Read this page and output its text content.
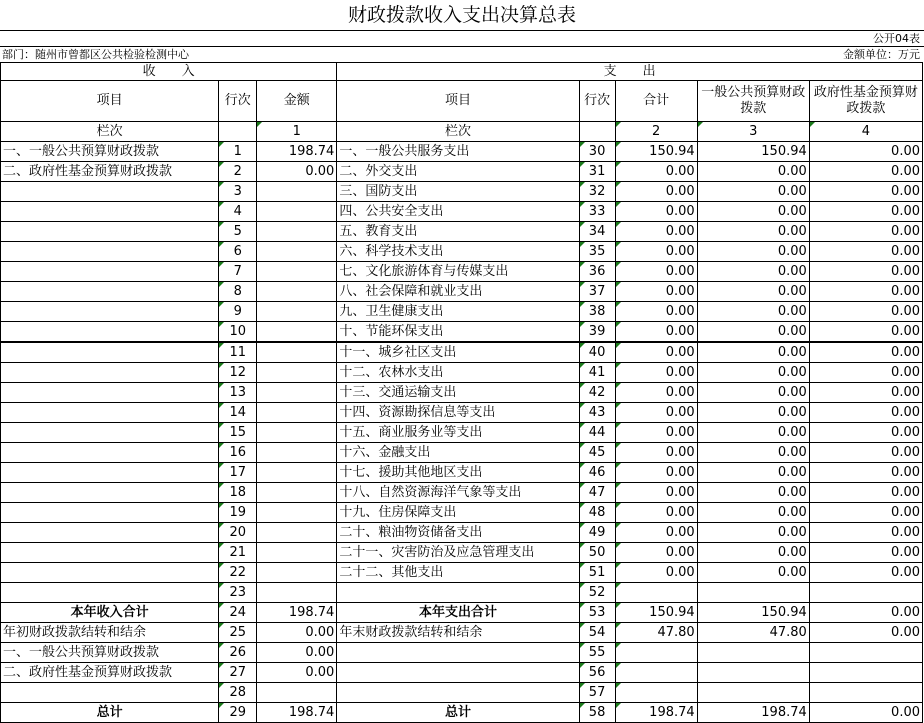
财政拨款收入支出决算总表
公开04表
部门：随州市曾都区公共检验检测中心	金额单位：万元
收　　入			支　　出				
项目	行次	金额	项目	行次	合计	一般公共预算财政拨款	政府性基金预算财政拨款
栏次		1	栏次		2	3	4
一、一般公共预算财政拨款	1	198.74	一、一般公共服务支出	30	150.94	150.94	0.00
二、政府性基金预算财政拨款	2	0.00	二、外交支出	31	0.00	0.00	0.00
	3		三、国防支出	32	0.00	0.00	0.00
	4		四、公共安全支出	33	0.00	0.00	0.00
	5		五、教育支出	34	0.00	0.00	0.00
	6		六、科学技术支出	35	0.00	0.00	0.00
	7		七、文化旅游体育与传媒支出	36	0.00	0.00	0.00
	8		八、社会保障和就业支出	37	0.00	0.00	0.00
	9		九、卫生健康支出	38	0.00	0.00	0.00
	10		十、节能环保支出	39	0.00	0.00	0.00
	11		十一、城乡社区支出	40	0.00	0.00	0.00
	12		十二、农林水支出	41	0.00	0.00	0.00
	13		十三、交通运输支出	42	0.00	0.00	0.00
	14		十四、资源勘探信息等支出	43	0.00	0.00	0.00
	15		十五、商业服务业等支出	44	0.00	0.00	0.00
	16		十六、金融支出	45	0.00	0.00	0.00
	17		十七、援助其他地区支出	46	0.00	0.00	0.00
	18		十八、自然资源海洋气象等支出	47	0.00	0.00	0.00
	19		十九、住房保障支出	48	0.00	0.00	0.00
	20		二十、粮油物资储备支出	49	0.00	0.00	0.00
	21		二十一、灾害防治及应急管理支出	50	0.00	0.00	0.00
	22		二十二、其他支出	51	0.00	0.00	0.00
	23			52			
本年收入合计	24	198.74	本年支出合计	53	150.94	150.94	0.00
年初财政拨款结转和结余	25	0.00	年末财政拨款结转和结余	54	47.80	47.80	0.00
一、一般公共预算财政拨款	26	0.00		55			
二、政府性基金预算财政拨款	27	0.00		56			
	28			57			
总计	29	198.74	总计	58	198.74	198.74	0.00
